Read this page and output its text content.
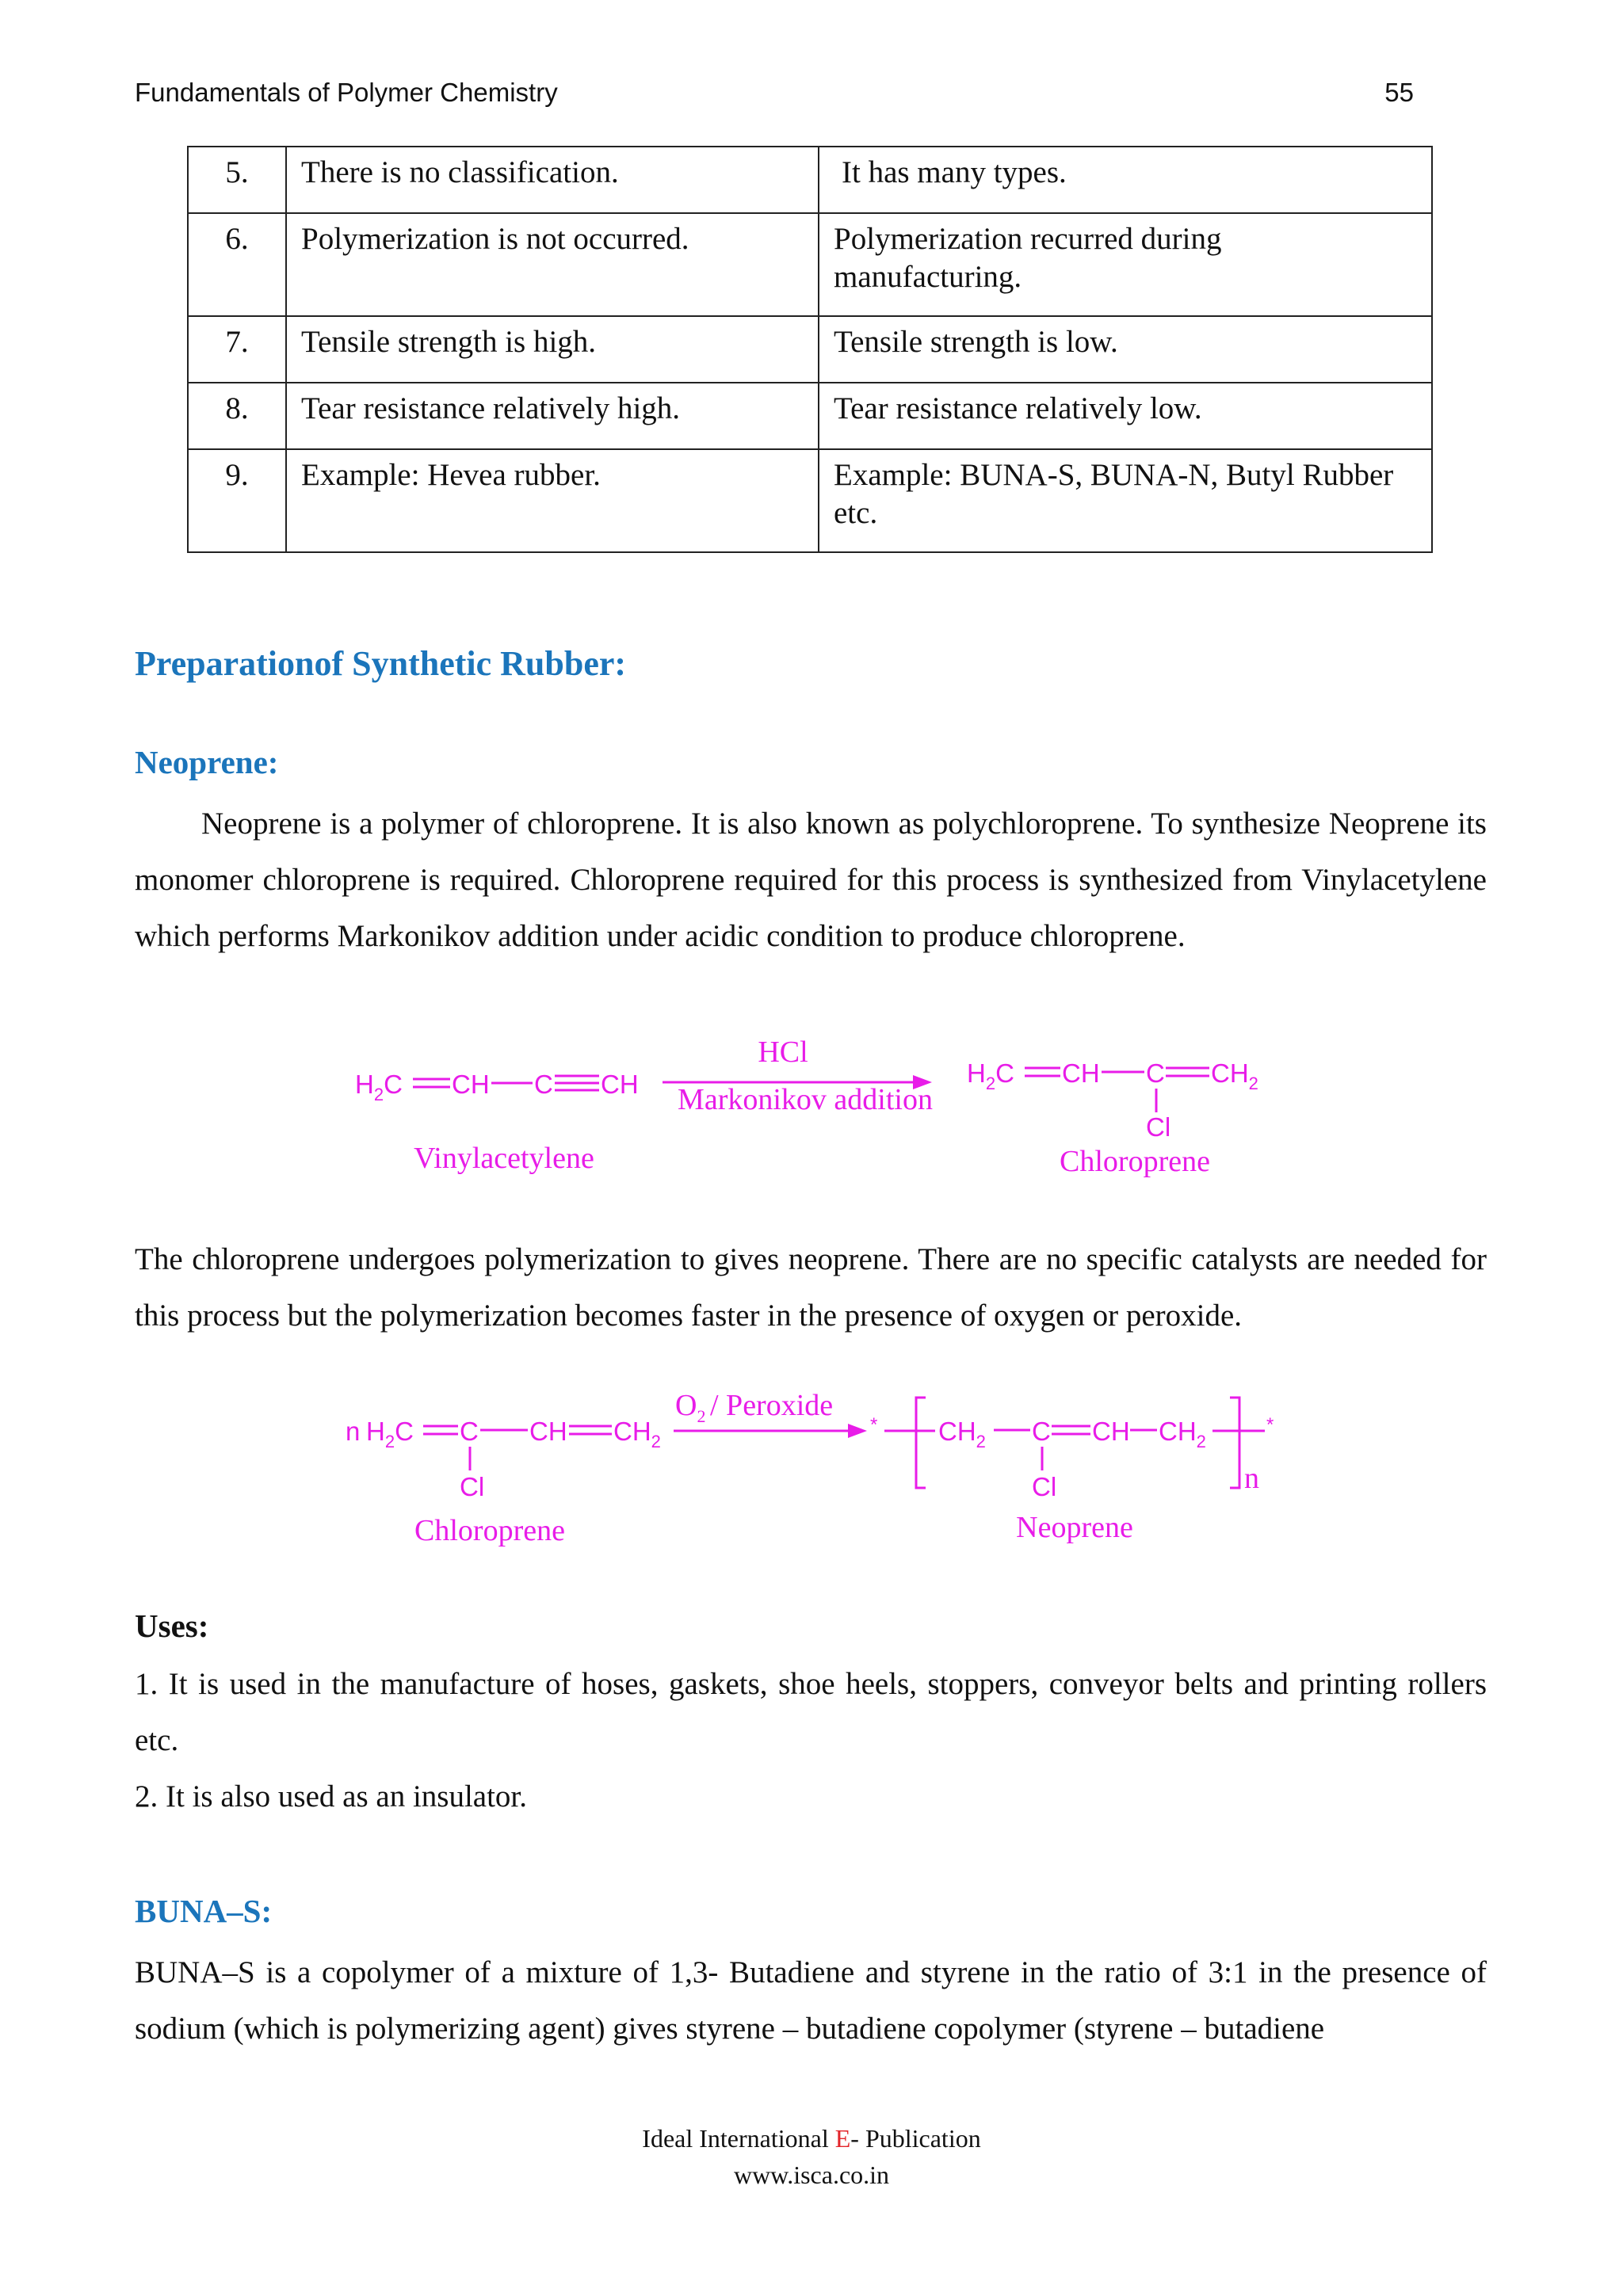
Fundamentals of Polymer Chemistry	55
5.	There is no classification.	It has many types.
6.	Polymerization is not occurred.	Polymerization recurred during manufacturing.
7.	Tensile strength is high.	Tensile strength is low.
8.	Tear resistance relatively high.	Tear resistance relatively low.
9.	Example: Hevea rubber.	Example: BUNA-S, BUNA-N, Butyl Rubber etc.
Preparationof Synthetic Rubber:
Neoprene:

Neoprene is a polymer of chloroprene. It is also known as polychloroprene. To synthesize Neoprene its monomer chloroprene is required. Chloroprene required for this process is synthesized from Vinylacetylene which performs Markonikov addition under acidic condition to produce chloroprene.

$H_2C$ CH C CH
Vinylacetylene
HCl
Markonikov addition
$H_2C$ CH C $CH_2$
Cl
Chloroprene

The chloroprene undergoes polymerization to gives neoprene. There are no specific catalysts are needed for this process but the polymerization becomes faster in the presence of oxygen or peroxide.

n $H_2C$ C CH $CH_2$
Cl
Chloroprene
$O_2$ / Peroxide
* $CH_2$ C CH $CH_2$
*
n
Cl
Neoprene
Uses:

1. It is used in the manufacture of hoses, gaskets, shoe heels, stoppers, conveyor belts and printing rollers etc.

2. It is also used as an insulator.

BUNA–S:

BUNA–S is a copolymer of a mixture of 1,3- Butadiene and styrene in the ratio of 3:1 in the presence of sodium (which is polymerizing agent) gives styrene – butadiene copolymer (styrene – butadiene

Ideal International E- Publication
www.isca.co.in
